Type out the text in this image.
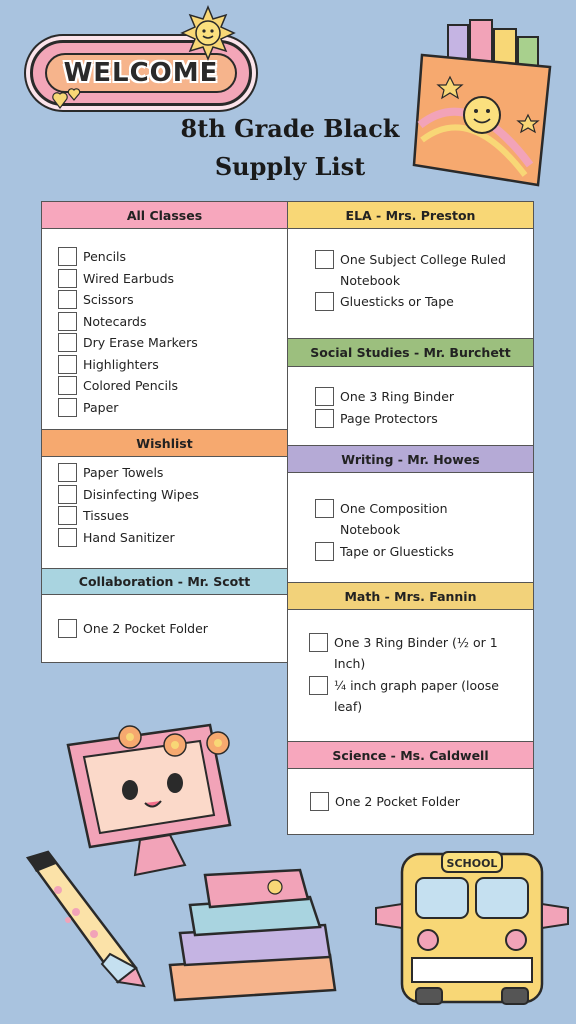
WELCOME
8th Grade Black
Supply List
All Classes
Pencils
Wired Earbuds
Scissors
Notecards
Dry Erase Markers
Highlighters
Colored Pencils
Paper
Wishlist
Paper Towels
Disinfecting Wipes
Tissues
Hand Sanitizer
Collaboration - Mr. Scott
One 2 Pocket Folder
ELA - Mrs. Preston
One Subject College Ruled
Notebook
Gluesticks or Tape
Social Studies - Mr. Burchett
One 3 Ring Binder
Page Protectors
Writing - Mr. Howes
One Composition
Notebook
Tape or Gluesticks
Math - Mrs. Fannin
One 3 Ring Binder (½ or 1
Inch)
¼ inch graph paper (loose
leaf)
Science - Ms. Caldwell
One 2 Pocket Folder
SCHOOL
